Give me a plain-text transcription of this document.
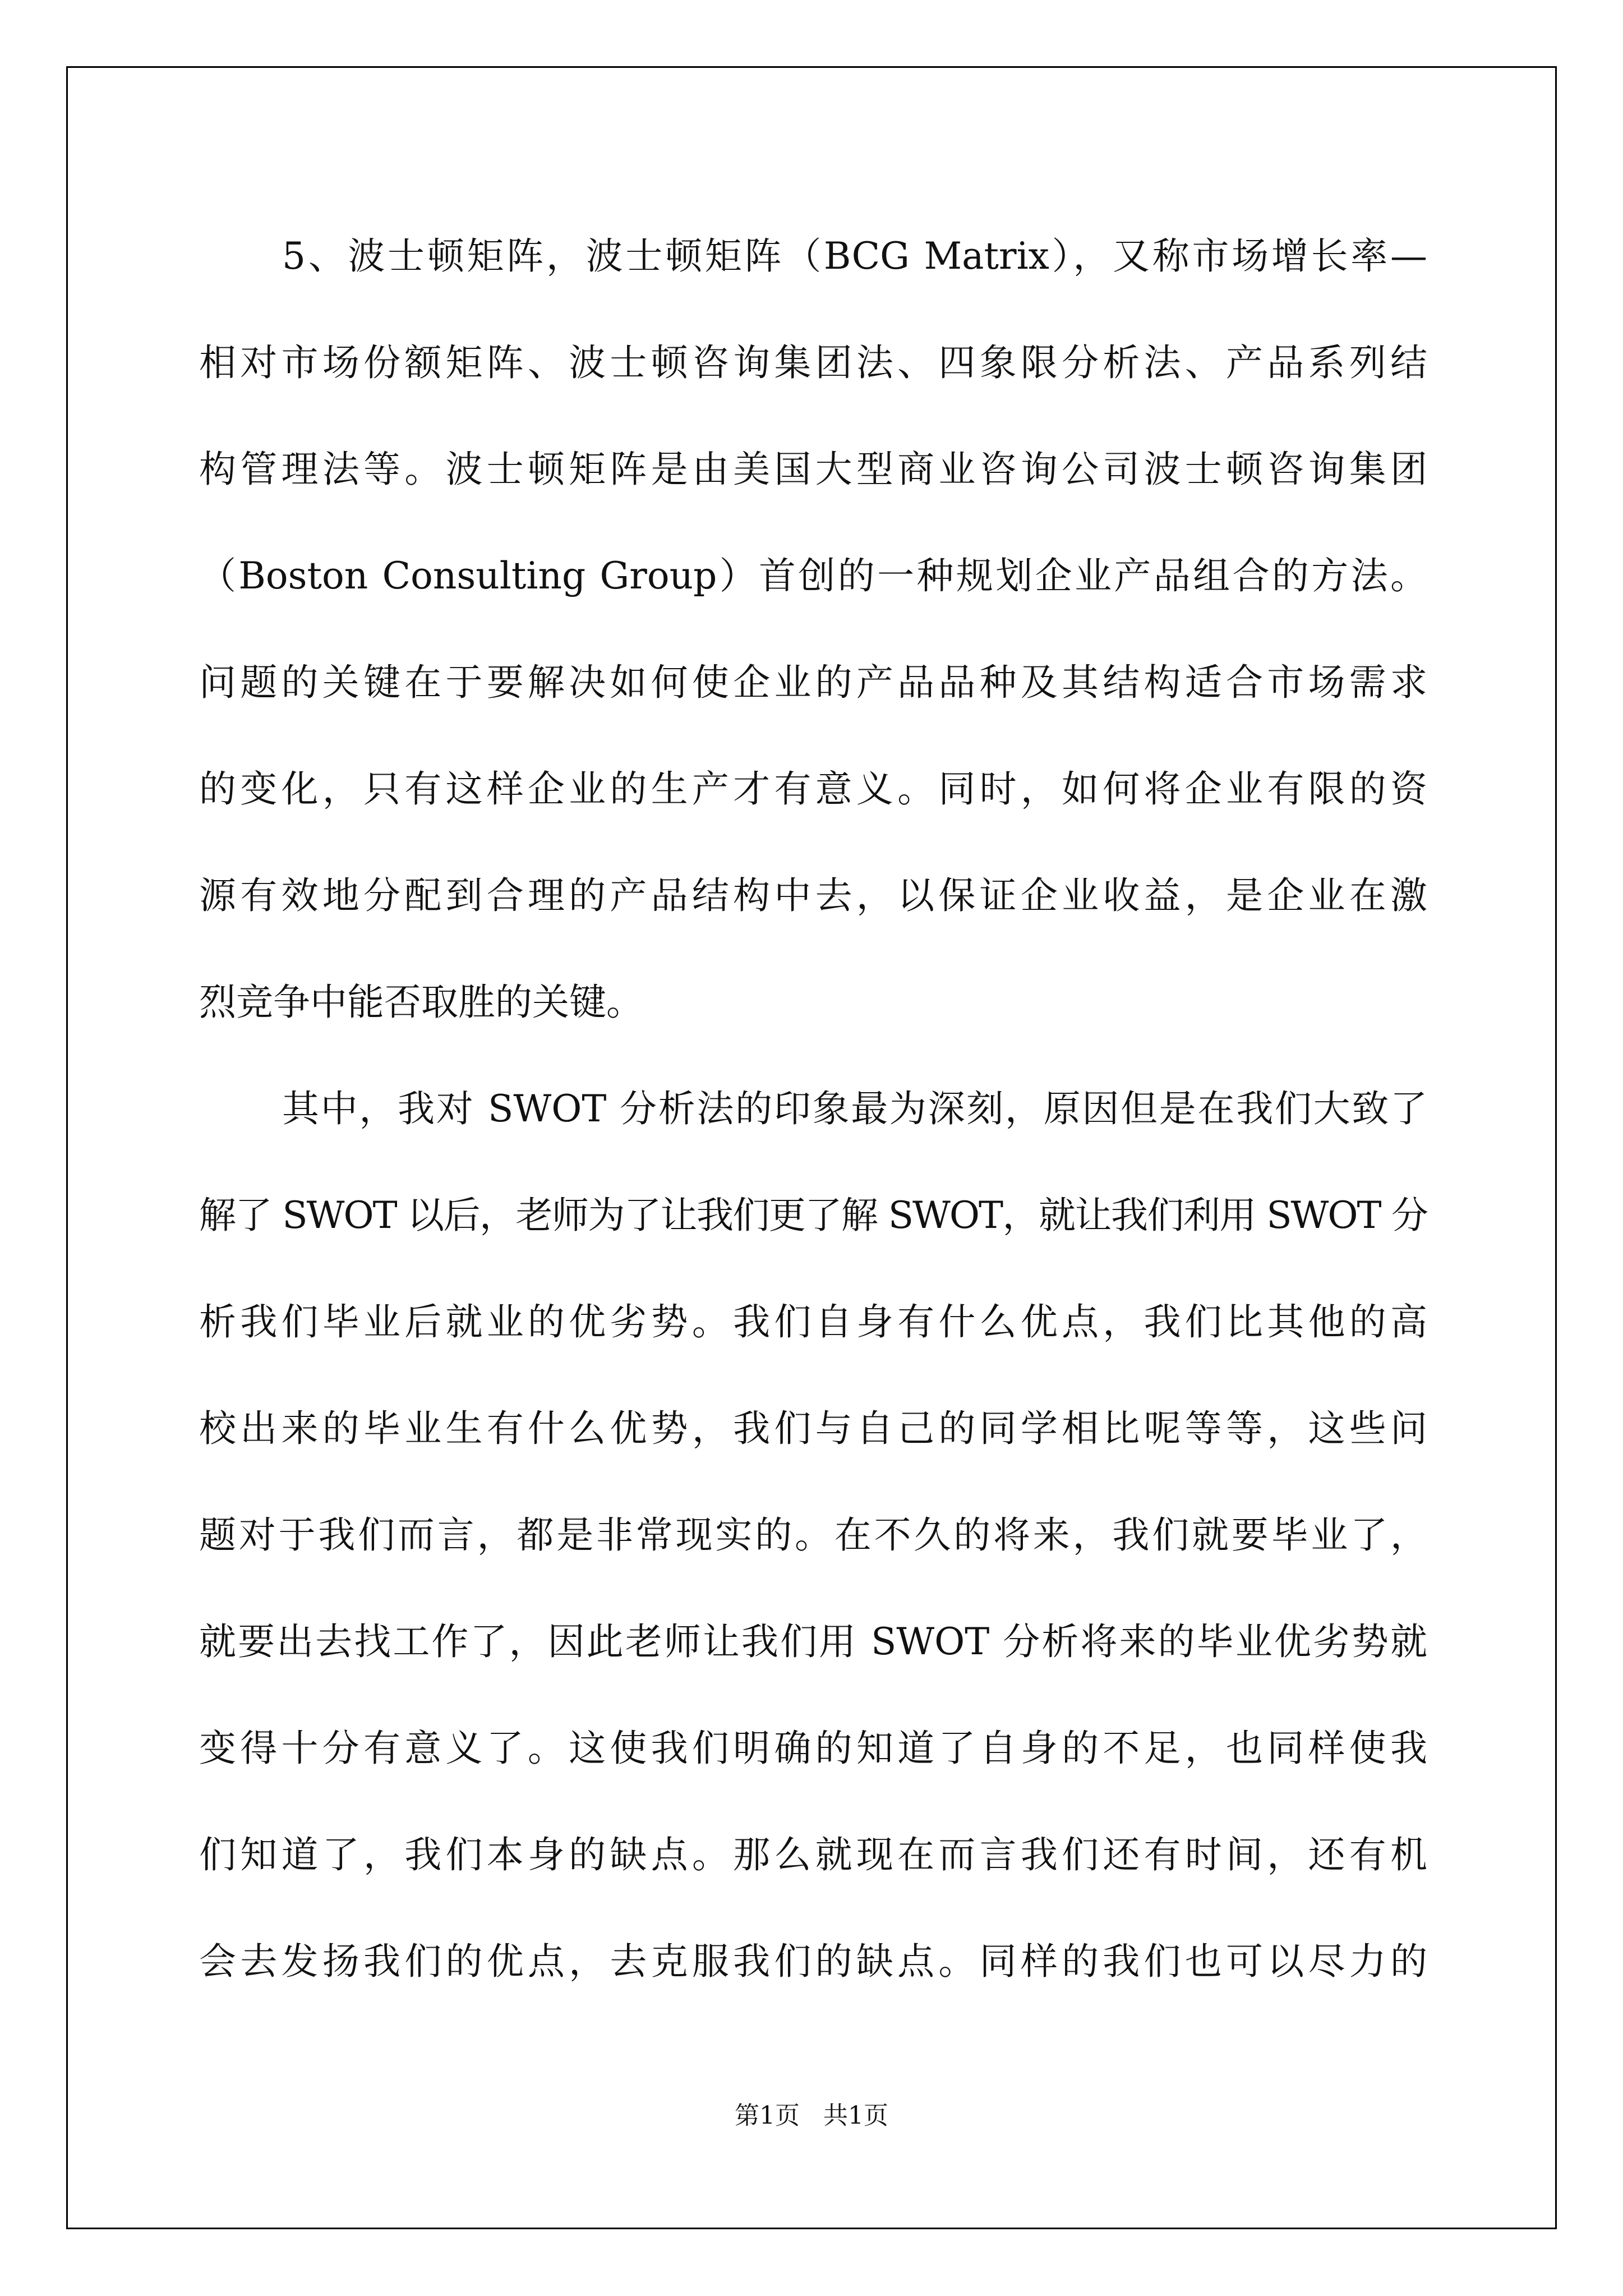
5、波士顿矩阵，波士顿矩阵（BCG Matrix），又称市场增长率—
相对市场份额矩阵、波士顿咨询集团法、四象限分析法、产品系列结
构管理法等。波士顿矩阵是由美国大型商业咨询公司波士顿咨询集团
（Boston Consulting Group）首创的一种规划企业产品组合的方法。
问题的关键在于要解决如何使企业的产品品种及其结构适合市场需求
的变化，只有这样企业的生产才有意义。同时，如何将企业有限的资
源有效地分配到合理的产品结构中去，以保证企业收益，是企业在激
烈竞争中能否取胜的关键。
其中，我对 SWOT 分析法的印象最为深刻，原因但是在我们大致了
解了 SWOT 以后，老师为了让我们更了解 SWOT，就让我们利用 SWOT 分
析我们毕业后就业的优劣势。我们自身有什么优点，我们比其他的高
校出来的毕业生有什么优势，我们与自己的同学相比呢等等，这些问
题对于我们而言，都是非常现实的。在不久的将来，我们就要毕业了，
就要出去找工作了，因此老师让我们用 SWOT 分析将来的毕业优劣势就
变得十分有意义了。这使我们明确的知道了自身的不足，也同样使我
们知道了，我们本身的缺点。那么就现在而言我们还有时间，还有机
会去发扬我们的优点，去克服我们的缺点。同样的我们也可以尽力的
第1页   共1页
